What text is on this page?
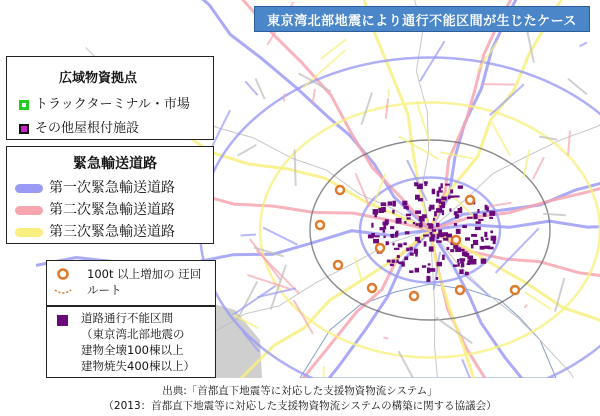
東京湾北部地震により通行不能区間が生じたケース
広域物資拠点
トラックターミナル・市場
その他屋根付施設
緊急輸送道路
第一次緊急輸送道路
第二次緊急輸送道路
第三次緊急輸送道路
100t 以上増加の 迂回
ルート
道路通行不能区間
（東京湾北部地震の
建物全壊100棟以上
建物焼失400棟以上）
出典:「首都直下地震等に対応した支援物資物流システム」
（2013：首都直下地震等に対応した支援物資物流システムの構築に関する協議会）
